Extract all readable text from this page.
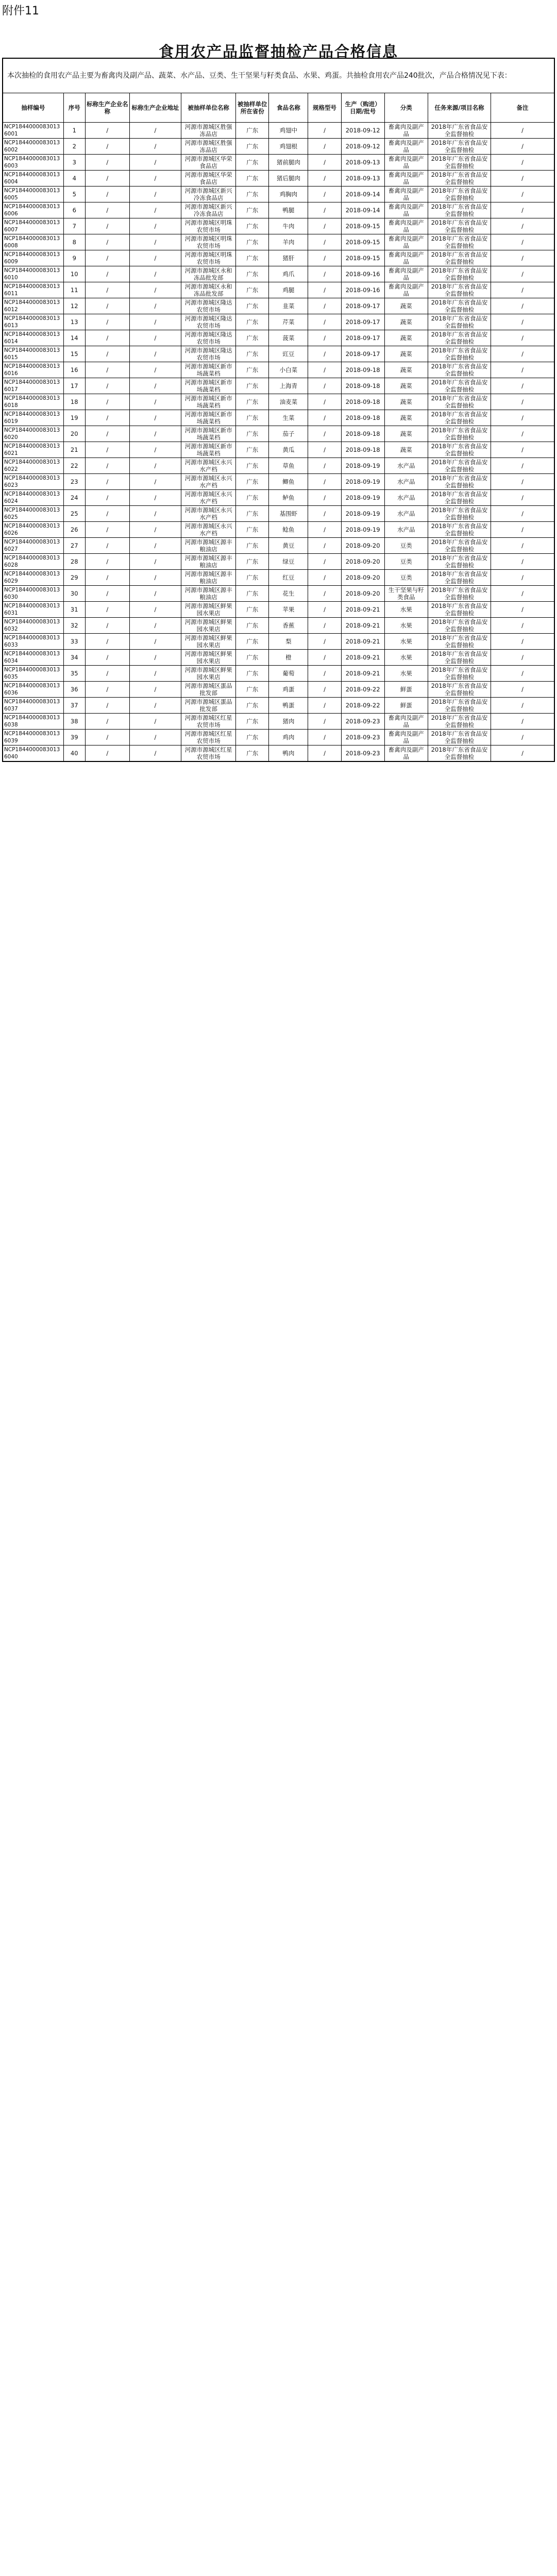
附件11
食用农产品监督抽检产品合格信息
本次抽检的食用农产品主要为畜禽肉及副产品、蔬菜、水产品、豆类、生干坚果与籽类食品、水果、鸡蛋。共抽检食用农产品240批次，产品合格情况见下表：											
抽样编号	序号	标称生产企业名称	标称生产企业地址	被抽样单位名称	被抽样单位所在省份	食品名称	规格型号	生产（购进）日期/批号	分类	任务来源/项目名称	备注
NCP18440000830136001	1	/	/	河源市源城区胜强冻品店	广东	鸡翅中	/	2018-09-12	畜禽肉及副产品	2018年广东省食品安全监督抽检	/
NCP18440000830136002	2	/	/	河源市源城区胜强冻品店	广东	鸡翅根	/	2018-09-12	畜禽肉及副产品	2018年广东省食品安全监督抽检	/
NCP18440000830136003	3	/	/	河源市源城区华荣食品店	广东	猪前腿肉	/	2018-09-13	畜禽肉及副产品	2018年广东省食品安全监督抽检	/
NCP18440000830136004	4	/	/	河源市源城区华荣食品店	广东	猪后腿肉	/	2018-09-13	畜禽肉及副产品	2018年广东省食品安全监督抽检	/
NCP18440000830136005	5	/	/	河源市源城区新兴冷冻食品店	广东	鸡胸肉	/	2018-09-14	畜禽肉及副产品	2018年广东省食品安全监督抽检	/
NCP18440000830136006	6	/	/	河源市源城区新兴冷冻食品店	广东	鸭腿	/	2018-09-14	畜禽肉及副产品	2018年广东省食品安全监督抽检	/
NCP18440000830136007	7	/	/	河源市源城区明珠农贸市场	广东	牛肉	/	2018-09-15	畜禽肉及副产品	2018年广东省食品安全监督抽检	/
NCP18440000830136008	8	/	/	河源市源城区明珠农贸市场	广东	羊肉	/	2018-09-15	畜禽肉及副产品	2018年广东省食品安全监督抽检	/
NCP18440000830136009	9	/	/	河源市源城区明珠农贸市场	广东	猪肝	/	2018-09-15	畜禽肉及副产品	2018年广东省食品安全监督抽检	/
NCP18440000830136010	10	/	/	河源市源城区永和冻品批发部	广东	鸡爪	/	2018-09-16	畜禽肉及副产品	2018年广东省食品安全监督抽检	/
NCP18440000830136011	11	/	/	河源市源城区永和冻品批发部	广东	鸡腿	/	2018-09-16	畜禽肉及副产品	2018年广东省食品安全监督抽检	/
NCP18440000830136012	12	/	/	河源市源城区隆达农贸市场	广东	韭菜	/	2018-09-17	蔬菜	2018年广东省食品安全监督抽检	/
NCP18440000830136013	13	/	/	河源市源城区隆达农贸市场	广东	芹菜	/	2018-09-17	蔬菜	2018年广东省食品安全监督抽检	/
NCP18440000830136014	14	/	/	河源市源城区隆达农贸市场	广东	菠菜	/	2018-09-17	蔬菜	2018年广东省食品安全监督抽检	/
NCP18440000830136015	15	/	/	河源市源城区隆达农贸市场	广东	豇豆	/	2018-09-17	蔬菜	2018年广东省食品安全监督抽检	/
NCP18440000830136016	16	/	/	河源市源城区新市场蔬菜档	广东	小白菜	/	2018-09-18	蔬菜	2018年广东省食品安全监督抽检	/
NCP18440000830136017	17	/	/	河源市源城区新市场蔬菜档	广东	上海青	/	2018-09-18	蔬菜	2018年广东省食品安全监督抽检	/
NCP18440000830136018	18	/	/	河源市源城区新市场蔬菜档	广东	油麦菜	/	2018-09-18	蔬菜	2018年广东省食品安全监督抽检	/
NCP18440000830136019	19	/	/	河源市源城区新市场蔬菜档	广东	生菜	/	2018-09-18	蔬菜	2018年广东省食品安全监督抽检	/
NCP18440000830136020	20	/	/	河源市源城区新市场蔬菜档	广东	茄子	/	2018-09-18	蔬菜	2018年广东省食品安全监督抽检	/
NCP18440000830136021	21	/	/	河源市源城区新市场蔬菜档	广东	黄瓜	/	2018-09-18	蔬菜	2018年广东省食品安全监督抽检	/
NCP18440000830136022	22	/	/	河源市源城区永兴水产档	广东	草鱼	/	2018-09-19	水产品	2018年广东省食品安全监督抽检	/
NCP18440000830136023	23	/	/	河源市源城区永兴水产档	广东	鲫鱼	/	2018-09-19	水产品	2018年广东省食品安全监督抽检	/
NCP18440000830136024	24	/	/	河源市源城区永兴水产档	广东	鲈鱼	/	2018-09-19	水产品	2018年广东省食品安全监督抽检	/
NCP18440000830136025	25	/	/	河源市源城区永兴水产档	广东	基围虾	/	2018-09-19	水产品	2018年广东省食品安全监督抽检	/
NCP18440000830136026	26	/	/	河源市源城区永兴水产档	广东	鲶鱼	/	2018-09-19	水产品	2018年广东省食品安全监督抽检	/
NCP18440000830136027	27	/	/	河源市源城区源丰粮油店	广东	黄豆	/	2018-09-20	豆类	2018年广东省食品安全监督抽检	/
NCP18440000830136028	28	/	/	河源市源城区源丰粮油店	广东	绿豆	/	2018-09-20	豆类	2018年广东省食品安全监督抽检	/
NCP18440000830136029	29	/	/	河源市源城区源丰粮油店	广东	红豆	/	2018-09-20	豆类	2018年广东省食品安全监督抽检	/
NCP18440000830136030	30	/	/	河源市源城区源丰粮油店	广东	花生	/	2018-09-20	生干坚果与籽类食品	2018年广东省食品安全监督抽检	/
NCP18440000830136031	31	/	/	河源市源城区鲜果园水果店	广东	苹果	/	2018-09-21	水果	2018年广东省食品安全监督抽检	/
NCP18440000830136032	32	/	/	河源市源城区鲜果园水果店	广东	香蕉	/	2018-09-21	水果	2018年广东省食品安全监督抽检	/
NCP18440000830136033	33	/	/	河源市源城区鲜果园水果店	广东	梨	/	2018-09-21	水果	2018年广东省食品安全监督抽检	/
NCP18440000830136034	34	/	/	河源市源城区鲜果园水果店	广东	橙	/	2018-09-21	水果	2018年广东省食品安全监督抽检	/
NCP18440000830136035	35	/	/	河源市源城区鲜果园水果店	广东	葡萄	/	2018-09-21	水果	2018年广东省食品安全监督抽检	/
NCP18440000830136036	36	/	/	河源市源城区蛋品批发部	广东	鸡蛋	/	2018-09-22	鲜蛋	2018年广东省食品安全监督抽检	/
NCP18440000830136037	37	/	/	河源市源城区蛋品批发部	广东	鸭蛋	/	2018-09-22	鲜蛋	2018年广东省食品安全监督抽检	/
NCP18440000830136038	38	/	/	河源市源城区红星农贸市场	广东	猪肉	/	2018-09-23	畜禽肉及副产品	2018年广东省食品安全监督抽检	/
NCP18440000830136039	39	/	/	河源市源城区红星农贸市场	广东	鸡肉	/	2018-09-23	畜禽肉及副产品	2018年广东省食品安全监督抽检	/
NCP18440000830136040	40	/	/	河源市源城区红星农贸市场	广东	鸭肉	/	2018-09-23	畜禽肉及副产品	2018年广东省食品安全监督抽检	/
